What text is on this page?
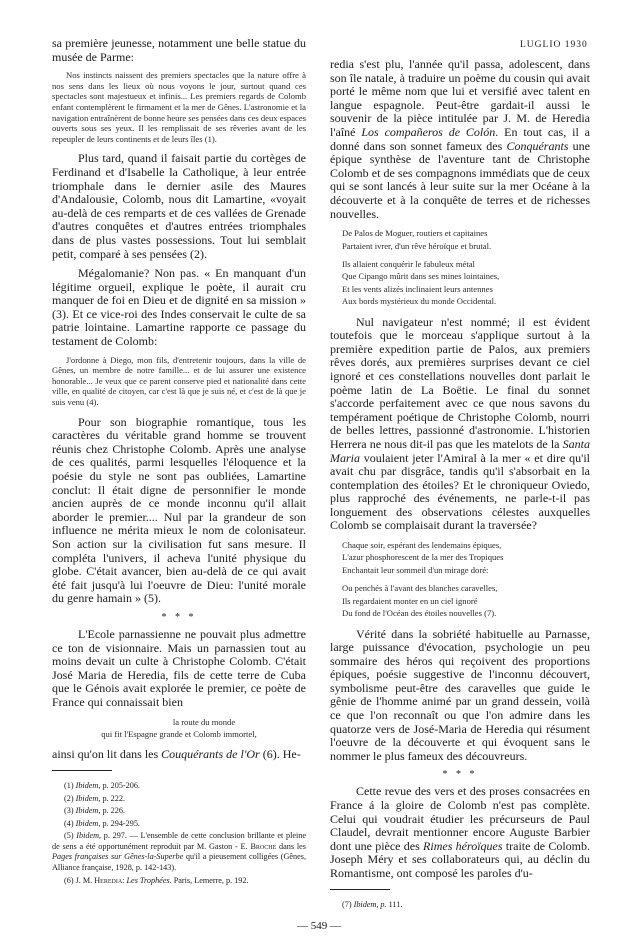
LUGLIO 1930

sa première jeunesse, notamment une belle statue du musée de Parme:

Nos instincts naissent des premiers spectacles que la nature offre à nos sens dans les lieux où nous voyons le jour, surtout quand ces spectacles sont majestueux et infinis... Les premiers regards de Colomb enfant contemplèrent le firmament et la mer de Gênes. L'astronomie et la navigation entraînèrent de bonne heure ses pensées dans ces deux espaces ouverts sous ses yeux. Il les remplissait de ses rêveries avant de les repeupler de leurs continents et de leurs îles (1).

Plus tard, quand il faisait partie du cortèges de Ferdinand et d'Isabelle la Catholique, à leur entrée triomphale dans le dernier asile des Maures d'Andalousie, Colomb, nous dit Lamartine, «voyait au-delà de ces remparts et de ces vallées de Grenade d'autres conquêtes et d'autres entrées triomphales dans de plus vastes possessions. Tout lui semblait petit, comparé à ses pensées (2).

Mégalomanie? Non pas. « En manquant d'un légitime orgueil, explique le poète, il aurait cru manquer de foi en Dieu et de dignité en sa mission » (3). Et ce vice-roi des Indes conservait le culte de sa patrie lointaine. Lamartine rapporte ce passage du testament de Colomb:

J'ordonne à Diego, mon fils, d'entretenir toujours, dans la ville de Gênes, un membre de notre famille... et de lui assurer une existence honorable... Je veux que ce parent conserve pied et nationalité dans cette ville, en qualité de citoyen, car c'est là que je suis né, et c'est de là que je suis venu (4).

Pour son biographie romantique, tous les caractères du véritable grand homme se trouvent réunis chez Christophe Colomb. Après une analyse de ces qualités, parmi lesquelles l'éloquence et la poésie du style ne sont pas oubliées, Lamartine conclut: Il était digne de personnifier le monde ancien auprès de ce monde inconnu qu'il allait aborder le premier.... Nul par la grandeur de son influence ne mérita mieux le nom de colonisateur. Son action sur la civilisation fut sans mesure. Il compléta l'univers, il acheva l'unité physique du globe. C'était avancer, bien au-delà de ce qui avait été fait jusqu'à lui l'oeuvre de Dieu: l'unité morale du genre hamain » (5).

* * *

L'Ecole parnassienne ne pouvait plus admettre ce ton de visionnaire. Mais un parnassien tout au moins devait un culte à Christophe Colomb. C'était José Maria de Heredia, fils de cette terre de Cuba que le Génois avait explorée le premier, ce poète de France qui connaissait bien

la route du monde

qui fit l'Espagne grande et Colomb immortel,

ainsi qu'on lit dans les Couquérants de l'Or (6). He-

(1) Ibidem, p. 205-206.

(2) Ibidem, p. 222.

(3) Ibidem, p. 226.

(4) Ibidem, p. 294-295.

(5) Ibidem, p. 297. — L'ensemble de cette conclusion brillante et pleine de sens a été opportunément reproduit par M. Gaston - E. Broche dans les Pages françaises sur Gênes-la-Superbe qu'il a pieusement colligées (Gênes, Alliance française, 1928, p. 142-143).

(6) J. M. Heredia: Les Trophées. Paris, Lemerre, p. 192.

redia s'est plu, l'année qu'il passa, adolescent, dans son île natale, à traduire un poème du cousin qui avait porté le même nom que lui et versifié avec talent en langue espagnole. Peut-être gardait-il aussi le souvenir de la pièce intitulée par J. M. de Heredia l'aîné Los compañeros de Colón. En tout cas, il a donné dans son sonnet fameux des Conquérants une épique synthèse de l'aventure tant de Christophe Colomb et de ses compagnons immédiats que de ceux qui se sont lancés à leur suite sur la mer Océane à la découverte et à la conquête de terres et de richesses nouvelles.

De Palos de Moguer, routiers et capitaines

Partaient ivrer, d'un rêve héroïque et brutal.

Ils allaient conquérir le fabuleux métal

Que Cipango mûrit dans ses mines lointaines,

Et les vents alizés inclinaient leurs antennes

Aux bords mystérieux du monde Occidental.

Nul navigateur n'est nommé; il est évident toutefois que le morceau s'applique surtout à la première expedition partie de Palos, aux premiers rêves dorés, aux premières surprises devant ce ciel ignoré et ces constellations nouvelles dont parlait le poème latin de La Boëtie. Le final du sonnet s'accorde perfaitement avec ce que nous savons du tempérament poétique de Christophe Colomb, nourri de belles lettres, passionné d'astronomie. L'historien Herrera ne nous dit-il pas que les matelots de la Santa Maria voulaient jeter l'Amiral à la mer « et dire qu'il avait chu par disgrâce, tandis qu'il s'absorbait en la contemplation des étoiles? Et le chroniqueur Oviedo, plus rapproché des événements, ne parle-t-il pas longuement des observations célestes auxquelles Colomb se complaisait durant la traversée?

Chaque soir, espérant des lendemains épiques,

L'azur phosphorescent de la mer des Tropiques

Enchantait leur sommeil d'un mirage doré:

Ou penchés à l'avant des blanches caravelles,

Ils regardaient monter en un ciel ignoré

Du fond de l'Océan des étoiles nouvelles (7).

Vérité dans la sobriété habituelle au Parnasse, large puissance d'évocation, psychologie un peu sommaire des héros qui reçoivent des proportions épiques, poésie suggestive de l'inconnu découvert, symbolisme peut-être des caravelles que guide le gênie de l'homme animé par un grand dessein, voilà ce que l'on reconnaît ou que l'on admire dans les quatorze vers de José-Maria de Heredia qui résument l'oeuvre de la découverte et qui évoquent sans le nommer le plus fameux des découvreurs.

* * *

Cette revue des vers et des proses consacrées en France á la gloire de Colomb n'est pas complète. Celui qui voudrait étudier les précurseurs de Paul Claudel, devrait mentionner encore Auguste Barbier dont une pièce des Rimes héroïques traite de Colomb. Joseph Méry et ses collaborateurs qui, au déclin du Romantisme, ont composé les paroles d'u-

(7) Ibidem, p. 111.

— 549 —
